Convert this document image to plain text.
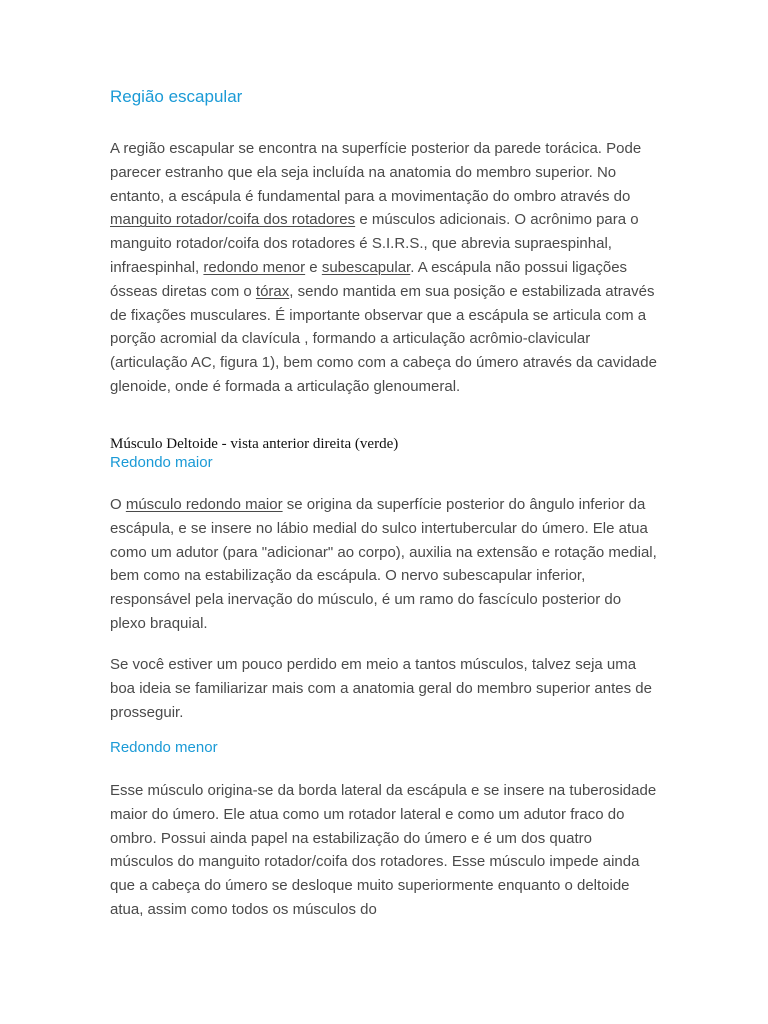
Região escapular

A região escapular se encontra na superfície posterior da parede torácica. Pode parecer estranho que ela seja incluída na anatomia do membro superior. No entanto, a escápula é fundamental para a movimentação do ombro através do manguito rotador/coifa dos rotadores e músculos adicionais. O acrônimo para o manguito rotador/coifa dos rotadores é S.I.R.S., que abrevia supraespinhal, infraespinhal, redondo menor e subescapular. A escápula não possui ligações ósseas diretas com o tórax, sendo mantida em sua posição e estabilizada através de fixações musculares. É importante observar que a escápula se articula com a porção acromial da clavícula , formando a articulação acrômio-clavicular (articulação AC, figura 1), bem como com a cabeça do úmero através da cavidade glenoide, onde é formada a articulação glenoumeral.

Músculo Deltoide - vista anterior direita (verde)

Redondo maior

O músculo redondo maior se origina da superfície posterior do ângulo inferior da escápula, e se insere no lábio medial do sulco intertubercular do úmero. Ele atua como um adutor (para "adicionar" ao corpo), auxilia na extensão e rotação medial, bem como na estabilização da escápula. O nervo subescapular inferior, responsável pela inervação do músculo, é um ramo do fascículo posterior do plexo braquial.

Se você estiver um pouco perdido em meio a tantos músculos, talvez seja uma boa ideia se familiarizar mais com a anatomia geral do membro superior antes de prosseguir.

Redondo menor

Esse músculo origina-se da borda lateral da escápula e se insere na tuberosidade maior do úmero. Ele atua como um rotador lateral e como um adutor fraco do ombro. Possui ainda papel na estabilização do úmero e é um dos quatro músculos do manguito rotador/coifa dos rotadores. Esse músculo impede ainda que a cabeça do úmero se desloque muito superiormente enquanto o deltoide atua, assim como todos os músculos do
